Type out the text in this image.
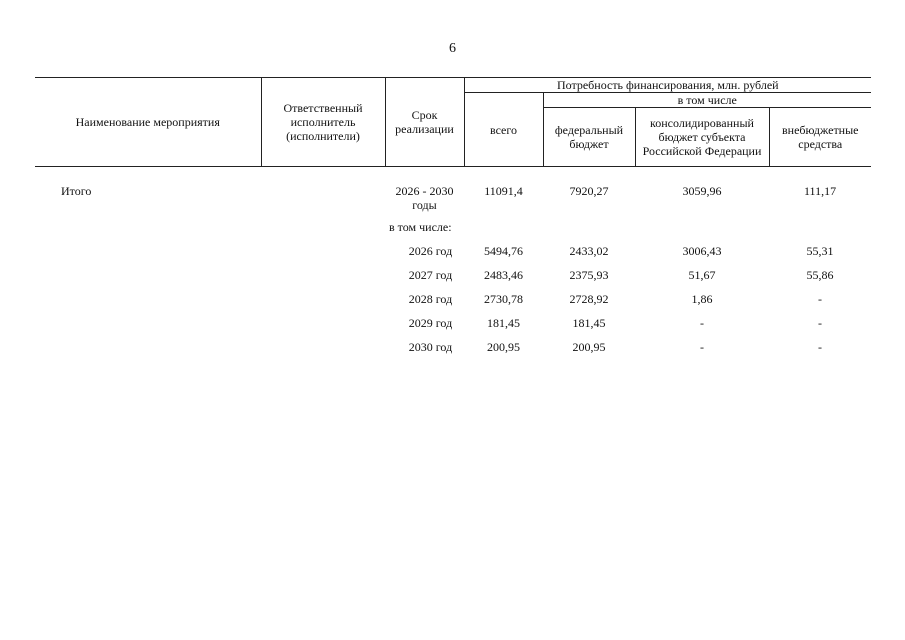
6
Наименование мероприятия	Ответственный исполнитель (исполнители)	Срок реализации	Потребность финансирования, млн. рублей			
			всего	в том числе		
				федеральный бюджет	консолидированный бюджет субъекта Российской Федерации	внебюджетные средства
Итого		2026 - 2030 годы	11091,4	7920,27	3059,96	111,17
		в том числе:				
		2026 год	5494,76	2433,02	3006,43	55,31
		2027 год	2483,46	2375,93	51,67	55,86
		2028 год	2730,78	2728,92	1,86	-
		2029 год	181,45	181,45	-	-
		2030 год	200,95	200,95	-	-
